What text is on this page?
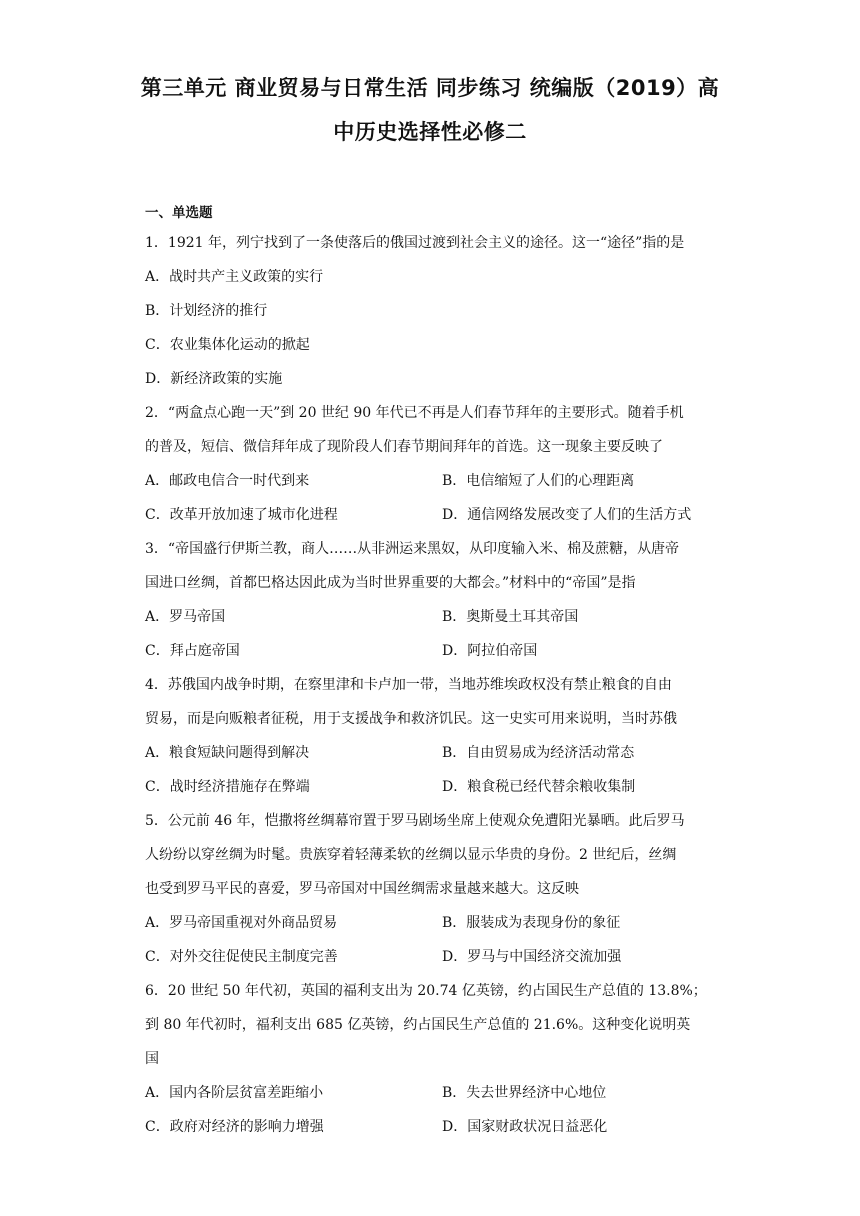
第三单元 商业贸易与日常生活 同步练习 统编版（2019）高
中历史选择性必修二
一、单选题
1．1921 年，列宁找到了一条使落后的俄国过渡到社会主义的途径。这一“途径”指的是
A．战时共产主义政策的实行
B．计划经济的推行
C．农业集体化运动的掀起
D．新经济政策的实施
2．“两盒点心跑一天”到 20 世纪 90 年代已不再是人们春节拜年的主要形式。随着手机
的普及，短信、微信拜年成了现阶段人们春节期间拜年的首选。这一现象主要反映了
A．邮政电信合一时代到来	B．电信缩短了人们的心理距离
C．改革开放加速了城市化进程	D．通信网络发展改变了人们的生活方式
3．“帝国盛行伊斯兰教，商人……从非洲运来黑奴，从印度输入米、棉及蔗糖，从唐帝
国进口丝绸，首都巴格达因此成为当时世界重要的大都会。”材料中的“帝国”是指
A．罗马帝国	B．奥斯曼土耳其帝国
C．拜占庭帝国	D．阿拉伯帝国
4．苏俄国内战争时期，在察里津和卡卢加一带，当地苏维埃政权没有禁止粮食的自由
贸易，而是向贩粮者征税，用于支援战争和救济饥民。这一史实可用来说明，当时苏俄
A．粮食短缺问题得到解决	B．自由贸易成为经济活动常态
C．战时经济措施存在弊端	D．粮食税已经代替余粮收集制
5．公元前 46 年，恺撒将丝绸幕帘置于罗马剧场坐席上使观众免遭阳光暴晒。此后罗马
人纷纷以穿丝绸为时髦。贵族穿着轻薄柔软的丝绸以显示华贵的身份。2 世纪后，丝绸
也受到罗马平民的喜爱，罗马帝国对中国丝绸需求量越来越大。这反映
A．罗马帝国重视对外商品贸易	B．服装成为表现身份的象征
C．对外交往促使民主制度完善	D．罗马与中国经济交流加强
6．20 世纪 50 年代初，英国的福利支出为 20.74 亿英镑，约占国民生产总值的 13.8%；
到 80 年代初时，福利支出 685 亿英镑，约占国民生产总值的 21.6%。这种变化说明英
国
A．国内各阶层贫富差距缩小	B．失去世界经济中心地位
C．政府对经济的影响力增强	D．国家财政状况日益恶化
